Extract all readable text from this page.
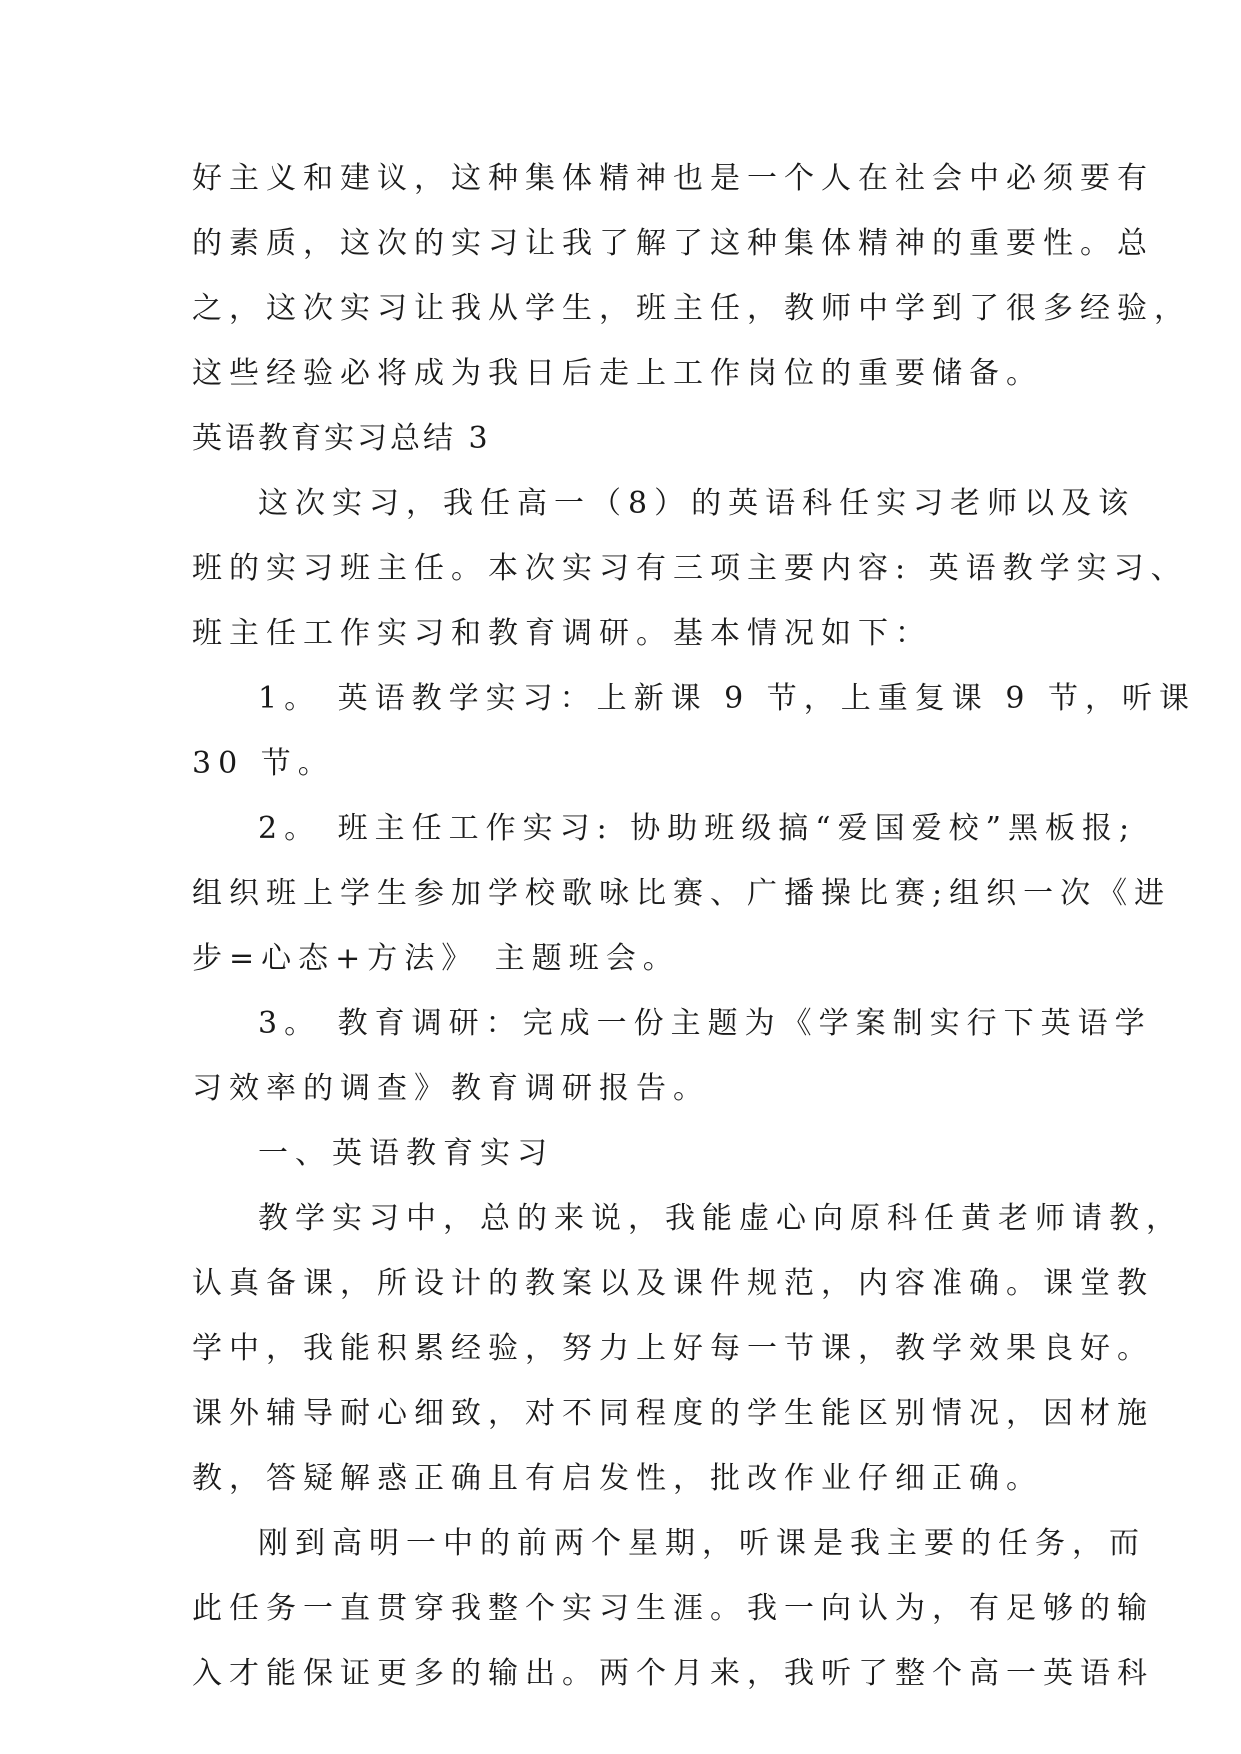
好主义和建议，这种集体精神也是一个人在社会中必须要有
的素质，这次的实习让我了解了这种集体精神的重要性。总
之，这次实习让我从学生，班主任，教师中学到了很多经验，
这些经验必将成为我日后走上工作岗位的重要储备。
英语教育实习总结 3
这次实习，我任高一（8）的英语科任实习老师以及该
班的实习班主任。本次实习有三项主要内容: 英语教学实习、
班主任工作实习和教育调研。基本情况如下：
1。 英语教学实习：上新课 9 节，上重复课 9 节，听课
30 节。
2。 班主任工作实习: 协助班级搞“爱国爱校”黑板报;
组织班上学生参加学校歌咏比赛、广播操比赛;组织一次《进
步=心态+方法》 主题班会。
3。 教育调研：完成一份主题为《学案制实行下英语学
习效率的调查》教育调研报告。
一、英语教育实习
教学实习中，总的来说，我能虚心向原科任黄老师请教，
认真备课，所设计的教案以及课件规范，内容准确。课堂教
学中，我能积累经验，努力上好每一节课，教学效果良好。
课外辅导耐心细致，对不同程度的学生能区别情况，因材施
教，答疑解惑正确且有启发性，批改作业仔细正确。
刚到高明一中的前两个星期，听课是我主要的任务，而
此任务一直贯穿我整个实习生涯。我一向认为，有足够的输
入才能保证更多的输出。两个月来，我听了整个高一英语科
